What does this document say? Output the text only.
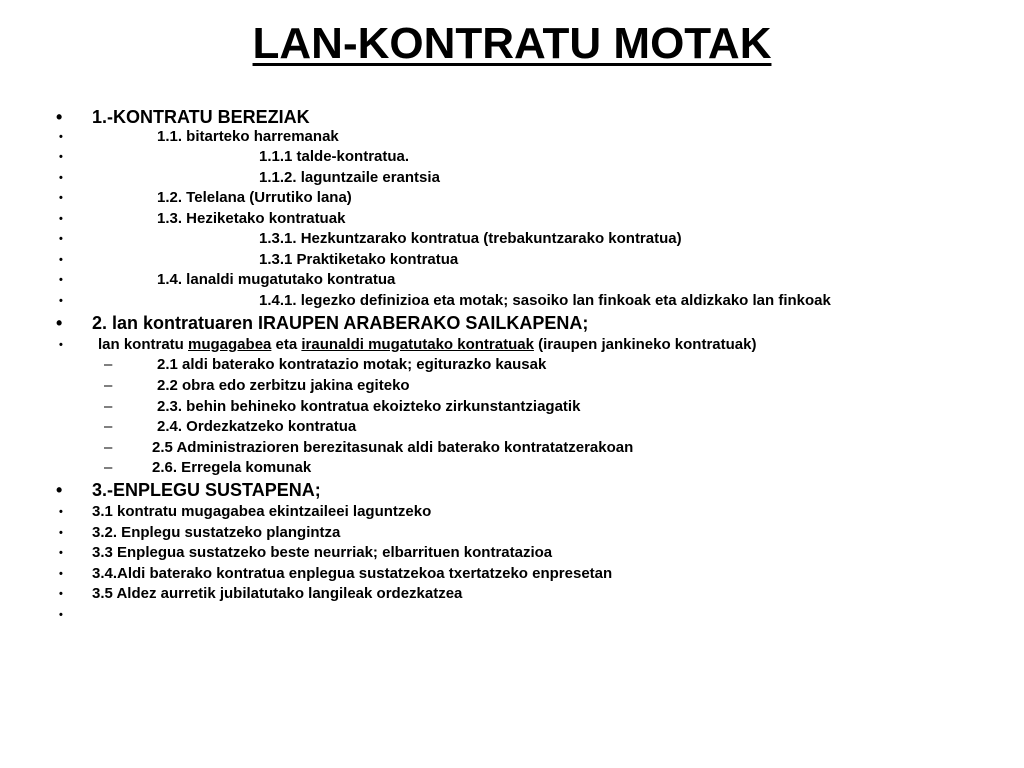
LAN-KONTRATU MOTAK
• 1.-KONTRATU BEREZIAK
•	1.1. bitarteko harremanak
•	1.1.1 talde-kontratua.
•	1.1.2. laguntzaile erantsia
•	1.2. Telelana (Urrutiko lana)
•	1.3. Heziketako kontratuak
•	1.3.1. Hezkuntzarako kontratua (trebakuntzarako kontratua)
•	1.3.1 Praktiketako kontratua
•	1.4. lanaldi mugatutako kontratua
•	1.4.1. legezko definizioa eta motak; sasoiko lan finkoak eta aldizkako lan finkoak
• 2. lan kontratuaren IRAUPEN ARABERAKO SAILKAPENA;
• lan kontratu mugagabea eta iraunaldi mugatutako kontratuak (iraupen jankineko kontratuak)
–	2.1 aldi baterako kontratazio motak; egiturazko kausak
–	2.2 obra edo zerbitzu jakina egiteko
–	2.3. behin behineko kontratua ekoizteko zirkunstantziagatik
–	2.4. Ordezkatzeko kontratua
–	2.5 Administrazioren berezitasunak aldi baterako kontratatzerakoan
–	2.6. Erregela komunak
• 3.-ENPLEGU SUSTAPENA;
• 3.1 kontratu mugagabea ekintzaileei laguntzeko
• 3.2. Enplegu sustatzeko plangintza
• 3.3 Enplegua sustatzeko beste neurriak; elbarrituen kontratazioa
• 3.4.Aldi baterako kontratua enplegua sustatzekoa txertatzeko enpresetan
• 3.5 Aldez aurretik jubilatutako langileak ordezkatzea
•
